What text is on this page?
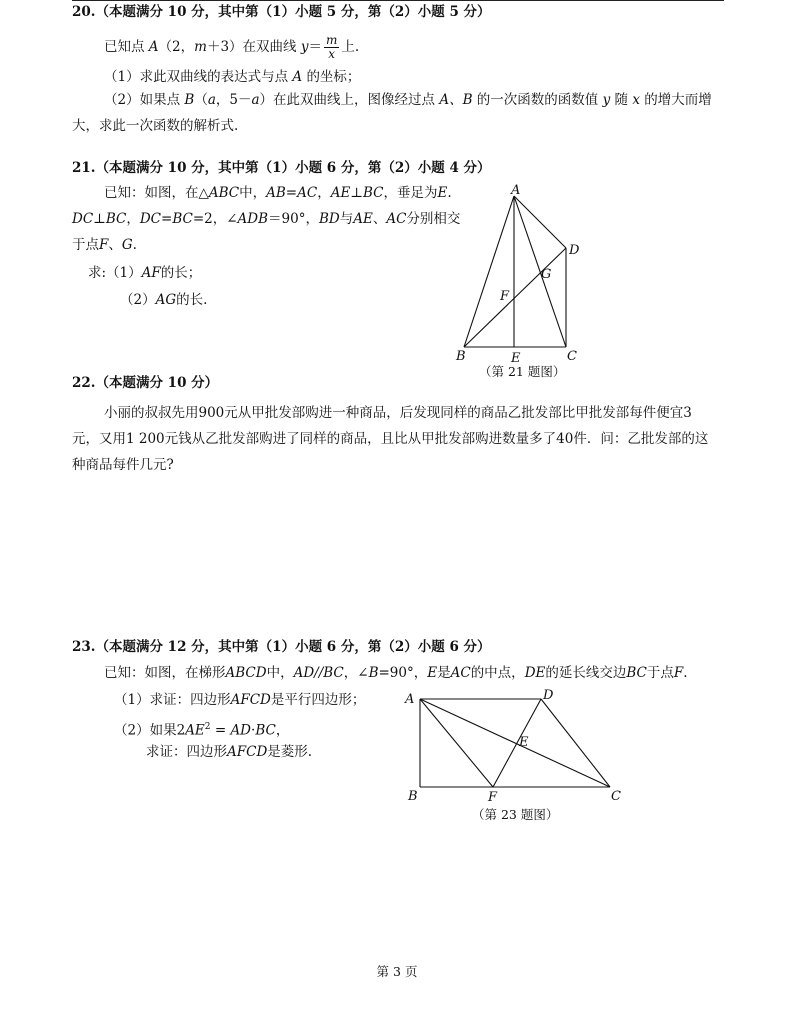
20.（本题满分 10 分，其中第（1）小题 5 分，第（2）小题 5 分）
已知点 A（2，m＋3）在双曲线 $y= \frac{m}{x}$ 上.
（1）求此双曲线的表达式与点 A 的坐标；
（2）如果点 B（a，5－a）在此双曲线上，图像经过点 A、B 的一次函数的函数值 y 随 x 的增大而增
大，求此一次函数的解析式.
21.（本题满分 10 分，其中第（1）小题 6 分，第（2）小题 4 分）
已知：如图，在△ABC中，AB=AC，AE⊥BC，垂足为E.
DC⊥BC，DC=BC=2，∠ADB＝90°，BD与AE、AC分别相交
于点F、G.
求:（1）AF的长；
（2）AG的长.
A
B	C
D
E
F
G
（第 21 题图）
22.（本题满分 10 分）
小丽的叔叔先用900元从甲批发部购进一种商品，后发现同样的商品乙批发部比甲批发部每件便宜3
元，又用1 200元钱从乙批发部购进了同样的商品，且比从甲批发部购进数量多了40件．问：乙批发部的这
种商品每件几元?
23.（本题满分 12 分，其中第（1）小题 6 分，第（2）小题 6 分）
已知：如图，在梯形ABCD中，AD//BC，∠B=90°，E是AC的中点，DE的延长线交边BC于点F.
（1）求证：四边形AFCD是平行四边形；
（2）如果$2AE^2 = AD\cdot BC$，
求证：四边形AFCD是菱形.
A
B	C
D
E
F
（第 23 题图）
第 3 页
